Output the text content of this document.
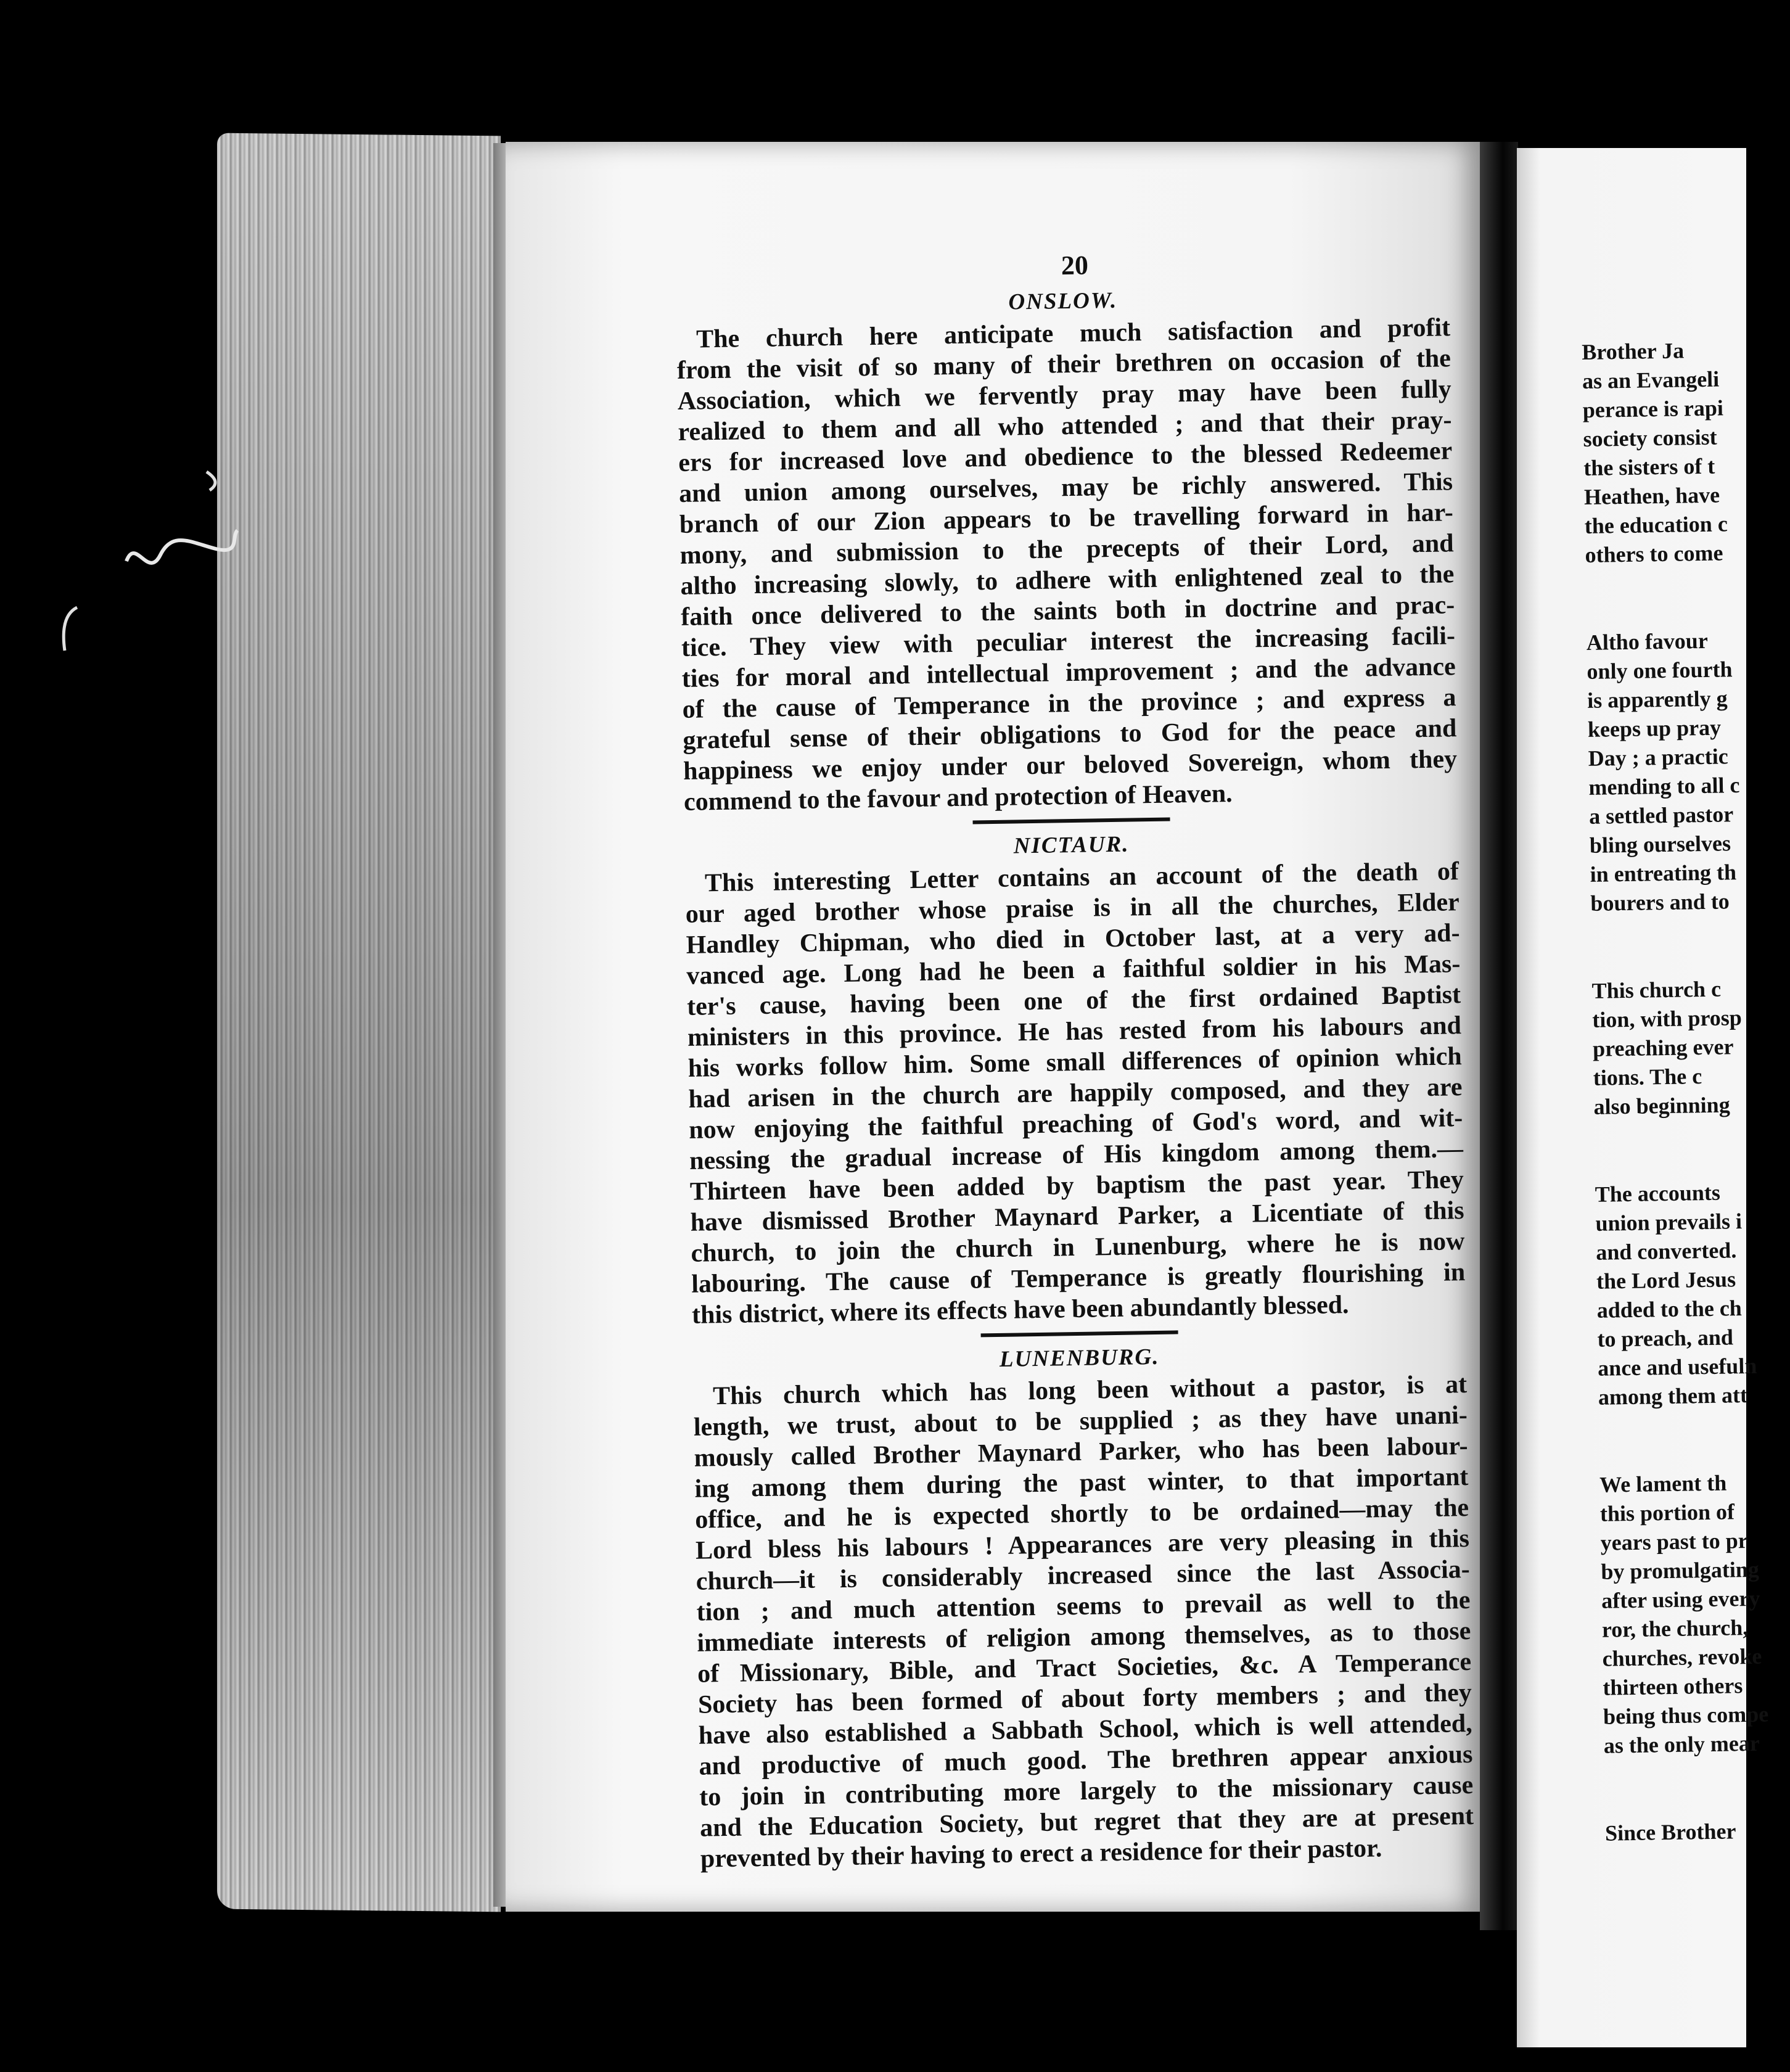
20
ONSLOW.
The church here anticipate much satisfaction and profit
from the visit of so many of their brethren on occasion of the
Association, which we fervently pray may have been fully
realized to them and all who attended ; and that their pray-
ers for increased love and obedience to the blessed Redeemer
and union among ourselves, may be richly answered. This
branch of our Zion appears to be travelling forward in har-
mony, and submission to the precepts of their Lord, and
altho increasing slowly, to adhere with enlightened zeal to the
faith once delivered to the saints both in doctrine and prac-
tice. They view with peculiar interest the increasing facili-
ties for moral and intellectual improvement ; and the advance
of the cause of Temperance in the province ; and express a
grateful sense of their obligations to God for the peace and
happiness we enjoy under our beloved Sovereign, whom they
commend to the favour and protection of Heaven.
NICTAUR.
This interesting Letter contains an account of the death of
our aged brother whose praise is in all the churches, Elder
Handley Chipman, who died in October last, at a very ad-
vanced age. Long had he been a faithful soldier in his Mas-
ter's cause, having been one of the first ordained Baptist
ministers in this province. He has rested from his labours and
his works follow him. Some small differences of opinion which
had arisen in the church are happily composed, and they are
now enjoying the faithful preaching of God's word, and wit-
nessing the gradual increase of His kingdom among them.—
Thirteen have been added by baptism the past year. They
have dismissed Brother Maynard Parker, a Licentiate of this
church, to join the church in Lunenburg, where he is now
labouring. The cause of Temperance is greatly flourishing in
this district, where its effects have been abundantly blessed.
LUNENBURG.
This church which has long been without a pastor, is at
length, we trust, about to be supplied ; as they have unani-
mously called Brother Maynard Parker, who has been labour-
ing among them during the past winter, to that important
office, and he is expected shortly to be ordained—may the
Lord bless his labours ! Appearances are very pleasing in this
church—it is considerably increased since the last Associa-
tion ; and much attention seems to prevail as well to the
immediate interests of religion among themselves, as to those
of Missionary, Bible, and Tract Societies, &c. A Temperance
Society has been formed of about forty members ; and they
have also established a Sabbath School, which is well attended,
and productive of much good. The brethren appear anxious
to join in contributing more largely to the missionary cause
and the Education Society, but regret that they are at present
prevented by their having to erect a residence for their pastor.
Brother Ja
as an Evangeli
perance is rapi
society consist
the sisters of t
Heathen, have
the education c
others to come
Altho favour
only one fourth
is apparently g
keeps up pray
Day ; a practic
mending to all c
a settled pastor
bling ourselves
in entreating th
bourers and to
This church c
tion, with prosp
preaching ever
tions. The c
also beginning
The accounts
union prevails i
and converted.
the Lord Jesus
added to the ch
to preach, and
ance and usefuln
among them att
We lament th
this portion of
years past to pr
by promulgating
after using every
ror, the church,
churches, revoke
thirteen others
being thus compe
as the only mear
Since Brother
